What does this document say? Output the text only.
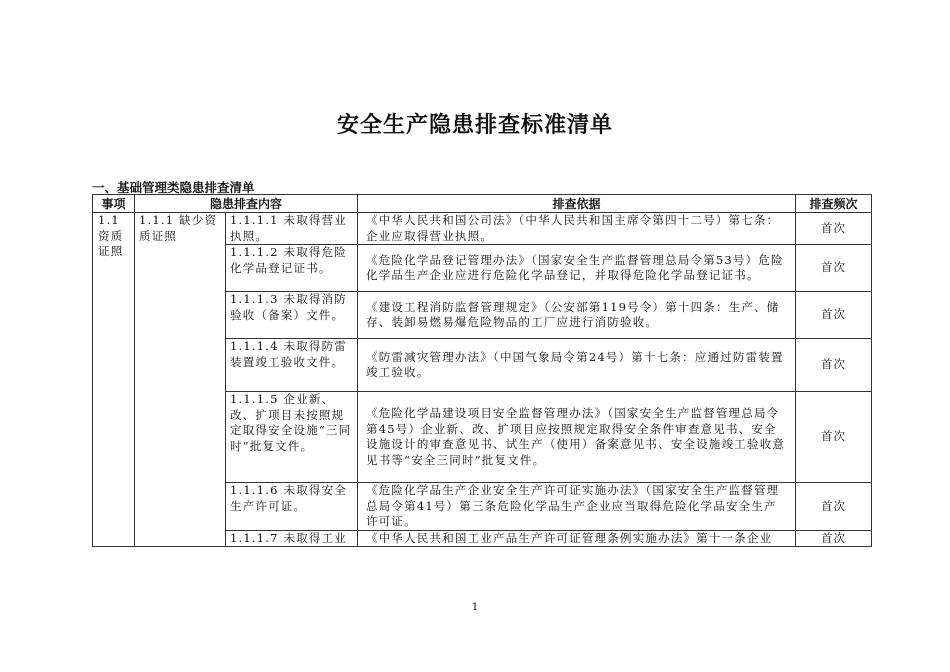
安全生产隐患排查标准清单
一、基础管理类隐患排查清单
事项	隐患排查内容		排查依据	排查频次
1.1 资质证照	1.1.1 缺少资质证照	1.1.1.1 未取得营业执照。	《中华人民共和国公司法》（中华人民共和国主席令第四十二号）第七条：企业应取得营业执照。	首次
		1.1.1.2 未取得危险化学品登记证书。	《危险化学品登记管理办法》（国家安全生产监督管理总局令第53号）危险化学品生产企业应进行危险化学品登记，并取得危险化学品登记证书。	首次
		1.1.1.3 未取得消防验收（备案）文件。	《建设工程消防监督管理规定》（公安部第119号令）第十四条：生产、储存、装卸易燃易爆危险物品的工厂应进行消防验收。	首次
		1.1.1.4 未取得防雷装置竣工验收文件。	《防雷减灾管理办法》（中国气象局令第24号）第十七条：应通过防雷装置竣工验收。	首次
		1.1.1.5 企业新、改、扩项目未按照规定取得安全设施“三同时”批复文件。	《危险化学品建设项目安全监督管理办法》（国家安全生产监督管理总局令第45号）企业新、改、扩项目应按照规定取得安全条件审查意见书、安全设施设计的审查意见书、试生产（使用）备案意见书、安全设施竣工验收意见书等“安全三同时”批复文件。	首次
		1.1.1.6 未取得安全生产许可证。	《危险化学品生产企业安全生产许可证实施办法》（国家安全生产监督管理总局令第41号）第三条危险化学品生产企业应当取得危险化学品安全生产许可证。	首次

		1.1.1.7 未取得工业	《中华人民共和国工业产品生产许可证管理条例实施办法》第十一条企业	首次
1
